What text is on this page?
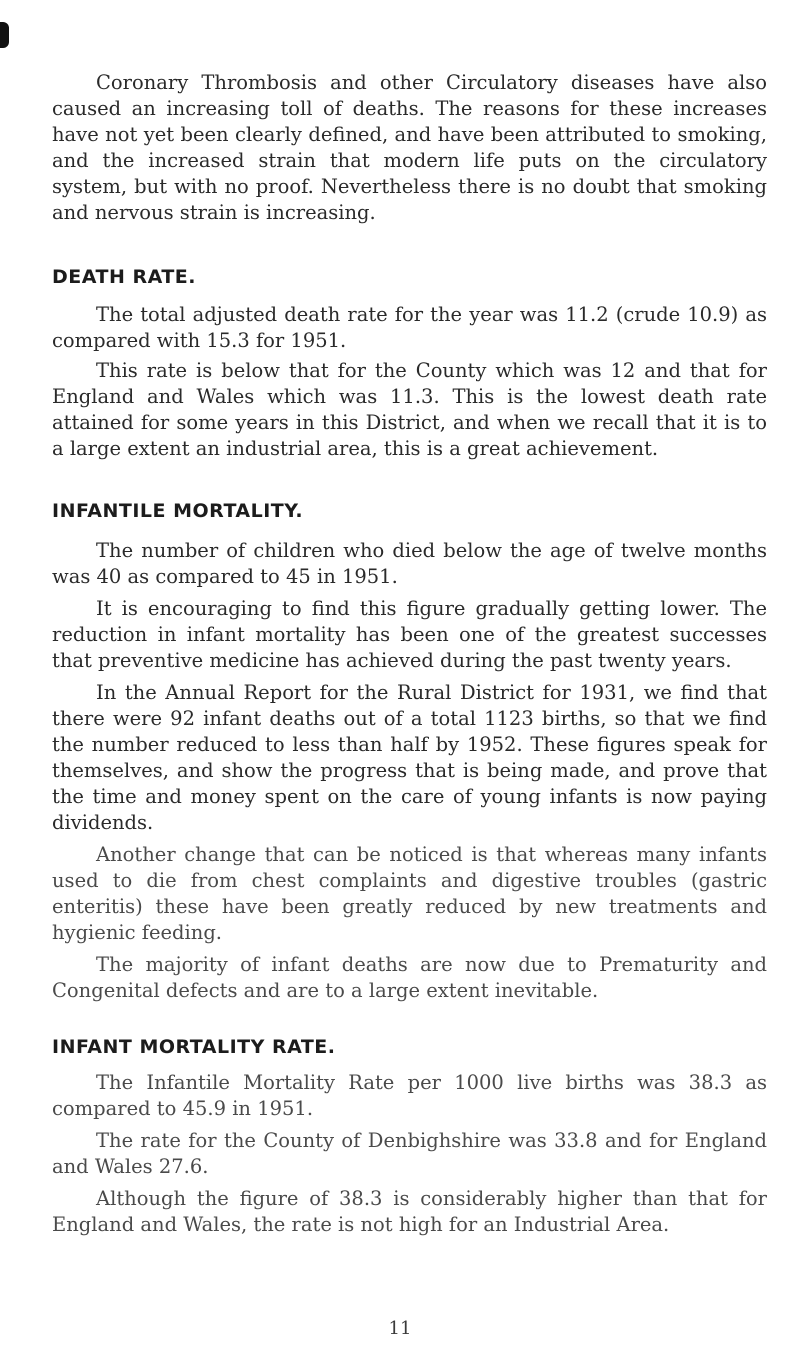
Coronary Thrombosis and other Circulatory diseases have also caused an increasing toll of deaths. The reasons for these increases have not yet been clearly defined, and have been attributed to smoking, and the increased strain that modern life puts on the circulatory system, but with no proof. Nevertheless there is no doubt that smoking and nervous strain is increasing.

DEATH RATE.

The total adjusted death rate for the year was 11.2 (crude 10.9) as compared with 15.3 for 1951.

This rate is below that for the County which was 12 and that for England and Wales which was 11.3. This is the lowest death rate attained for some years in this District, and when we recall that it is to a large extent an industrial area, this is a great achievement.

INFANTILE MORTALITY.

The number of children who died below the age of twelve months was 40 as compared to 45 in 1951.

It is encouraging to find this figure gradually getting lower. The reduction in infant mortality has been one of the greatest successes that preventive medicine has achieved during the past twenty years.

In the Annual Report for the Rural District for 1931, we find that there were 92 infant deaths out of a total 1123 births, so that we find the number reduced to less than half by 1952. These figures speak for themselves, and show the progress that is being made, and prove that the time and money spent on the care of young infants is now paying dividends.

Another change that can be noticed is that whereas many infants used to die from chest complaints and digestive troubles (gastric enteritis) these have been greatly reduced by new treatments and hygienic feeding.

The majority of infant deaths are now due to Prematurity and Congenital defects and are to a large extent inevitable.

INFANT MORTALITY RATE.

The Infantile Mortality Rate per 1000 live births was 38.3 as compared to 45.9 in 1951.

The rate for the County of Denbighshire was 33.8 and for England and Wales 27.6.

Although the figure of 38.3 is considerably higher than that for England and Wales, the rate is not high for an Industrial Area.

11
